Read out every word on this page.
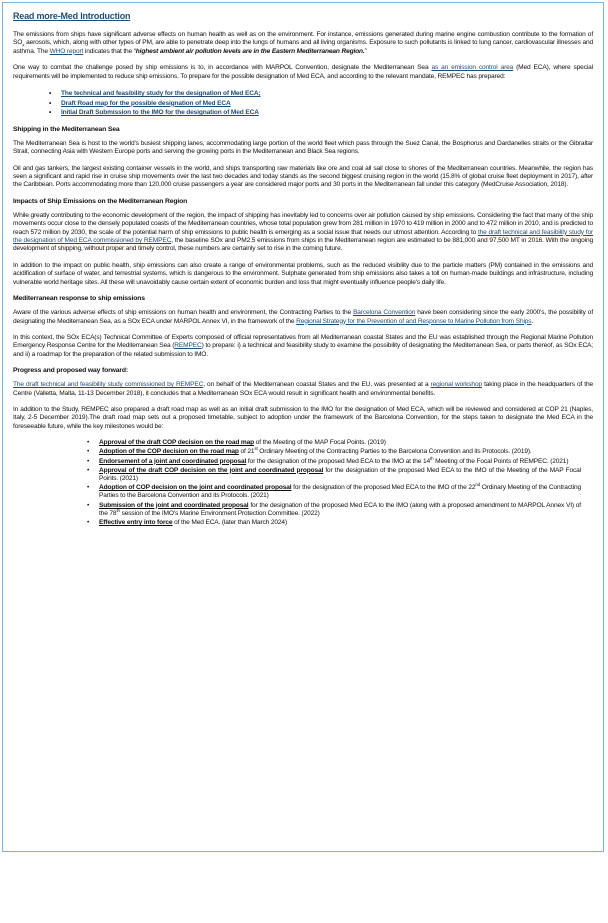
Read more-Med Introduction

The emissions from ships have significant adverse effects on human health as well as on the environment. For instance, emissions generated during marine engine combustion contribute to the formation of $SO_x$ aerosols, which, along with other types of PM, are able to penetrate deep into the lungs of humans and all living organisms. Exposure to such pollutants is linked to lung cancer, cardiovascular illnesses and asthma. The WHO report indicates that the “highest ambient air pollution levels are in the Eastern Mediterranean Region.”

One way to combat the challenge posed by ship emissions is to, in accordance with MARPOL Convention, designate the Mediterranean Sea as an emission control area (Med ECA), where special requirements will be implemented to reduce ship emissions. To prepare for the possible designation of Med ECA, and according to the relevant mandate, REMPEC has prepared:

• The technical and feasibility study for the designation of Med ECA;
• Draft Road map for the possible designation of Med ECA
• Initial Draft Submission to the IMO for the designation of Med ECA
Shipping in the Mediterranean Sea

The Mediterranean Sea is host to the world's busiest shipping lanes, accommodating large portion of the world fleet which pass through the Suez Canal, the Bosphorus and Dardanelles straits or the Gibraltar Strait, connecting Asia with Western Europe ports and serving the growing ports in the Mediterranean and Black Sea regions.

Oil and gas tankers, the largest existing container vessels in the world, and ships transporting raw materials like ore and coal all sail close to shores of the Mediterranean countries. Meanwhile, the region has seen a significant and rapid rise in cruise ship movements over the last two decades and today stands as the second biggest cruising region in the world (15.8% of global cruise fleet deployment in 2017), after the Caribbean. Ports accommodating more than 120,000 cruise passengers a year are considered major ports and 30 ports in the Mediterranean fall under this category (MedCruise Association, 2018).

Impacts of Ship Emissions on the Mediterranean Region

While greatly contributing to the economic development of the region, the impact of shipping has inevitably led to concerns over air pollution caused by ship emissions. Considering the fact that many of the ship movements occur close to the densely populated coasts of the Mediterranean countries, whose total population grew from 281 million in 1970 to 419 million in 2000 and to 472 million in 2010, and is predicted to reach 572 million by 2030, the scale of the potential harm of ship emissions to public health is emerging as a social issue that needs our utmost attention. According to the draft technical and feasibility study for the designation of Med ECA commissioned by REMPEC, the baseline SOx and PM2.5 emissions from ships in the Mediterranean region are estimated to be 881,000 and 97,500 MT in 2016. With the ongoing development of shipping, without proper and timely control, these numbers are certainly set to rise in the coming future.

In addition to the impact on public health, ship emissions can also create a range of environmental problems, such as the reduced visibility due to the particle matters (PM) contained in the emissions and acidification of surface of water, and terrestrial systems, which is dangerous to the environment. Sulphate generated from ship emissions also takes a toll on human-made buildings and infrastructure, including vulnerable world heritage sites. All these will unavoidably cause certain extent of economic burden and loss that might eventually influence people's daily life.

Mediterranean response to ship emissions

Aware of the various adverse effects of ship emissions on human health and environment, the Contracting Parties to the Barcelona Convention have been considering since the early 2000's, the possibility of designating the Mediterranean Sea, as a SOx ECA under MARPOL Annex VI, in the framework of the Regional Strategy for the Prevention of and Response to Marine Pollution from Ships.

In this context, the SOx ECA(s) Technical Committee of Experts composed of official representatives from all Mediterranean coastal States and the EU was established through the Regional Marine Pollution Emergency Response Centre for the Mediterranean Sea (REMPEC) to prepare: i) a technical and feasibility study to examine the possibility of designating the Mediterranean Sea, or parts thereof, as SOx ECA; and ii) a roadmap for the preparation of the related submission to IMO.

Progress and proposed way forward:

The draft technical and feasibility study commissioned by REMPEC, on behalf of the Mediterranean coastal States and the EU, was presented at a regional workshop taking place in the headquarters of the Centre (Valletta, Malta, 11-13 December 2018), it concludes that a Mediterranean SOx ECA would result in significant health and environmental benefits.

In addition to the Study, REMPEC also prepared a draft road map as well as an initial draft submission to the IMO for the designation of Med ECA, which will be reviewed and considered at COP 21 (Naples, Italy, 2-5 December 2019).The draft road map sets out a proposed timetable, subject to adoption under the framework of the Barcelona Convention, for the steps taken to designate the Med ECA in the foreseeable future, while the key milestones would be:

• Approval of the draft COP decision on the road map of the Meeting of the MAP Focal Points. (2019)
• Adoption of the COP decision on the road map of 21st Ordinary Meeting of the Contracting Parties to the Barcelona Convention and its Protocols. (2019).
• Endorsement of a joint and coordinated proposal for the designation of the proposed Med ECA to the IMO at the 14th Meeting of the Focal Points of REMPEC. (2021)
• Approval of the draft COP decision on the joint and coordinated proposal for the designation of the proposed Med ECA to the IMO of the Meeting of the MAP Focal Points. (2021)
• Adoption of COP decision on the joint and coordinated proposal for the designation of the proposed Med ECA to the IMO of the 22nd Ordinary Meeting of the Contracting Parties to the Barcelona Convention and its Protocols. (2021)
• Submission of the joint and coordinated proposal for the designation of the proposed Med ECA to the IMO (along with a proposed amendment to MARPOL Annex VI) of the 78th session of the IMO's Marine Environment Protection Committee. (2022)
• Effective entry into force of the Med ECA. (later than March 2024)
